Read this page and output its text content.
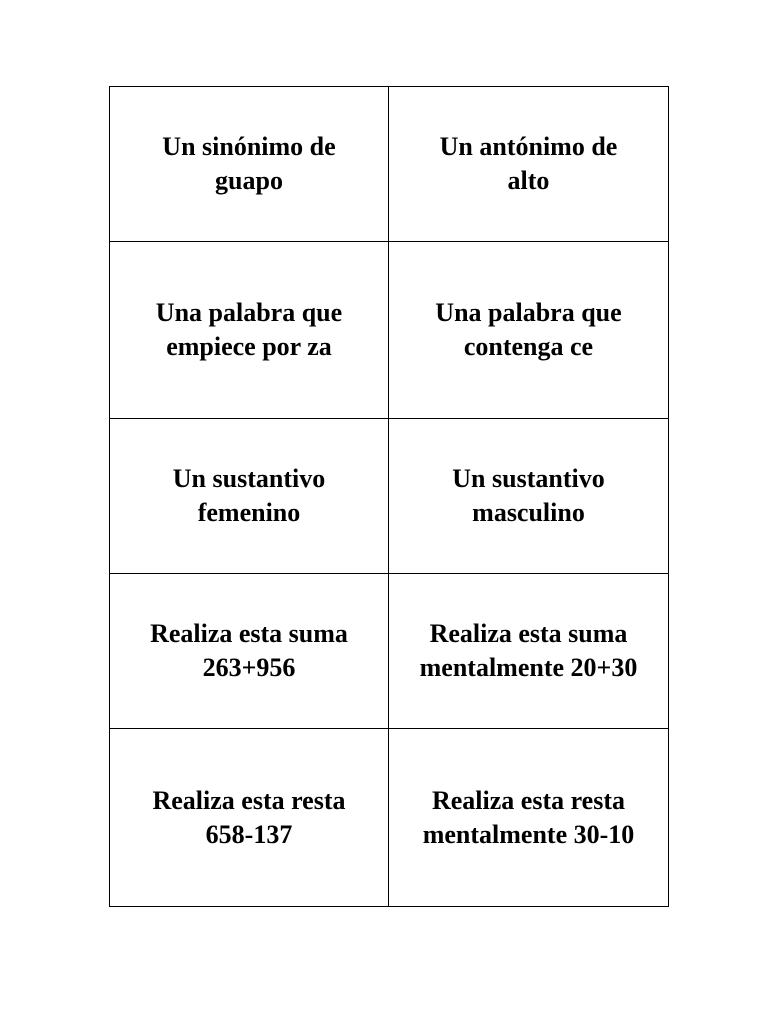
Un sinónimo de
guapo
Un antónimo de
alto
Una palabra que
empiece por za
Una palabra que
contenga ce
Un sustantivo
femenino
Un sustantivo
masculino
Realiza esta suma
263+956
Realiza esta suma
mentalmente 20+30
Realiza esta resta
658-137
Realiza esta resta
mentalmente 30-10
